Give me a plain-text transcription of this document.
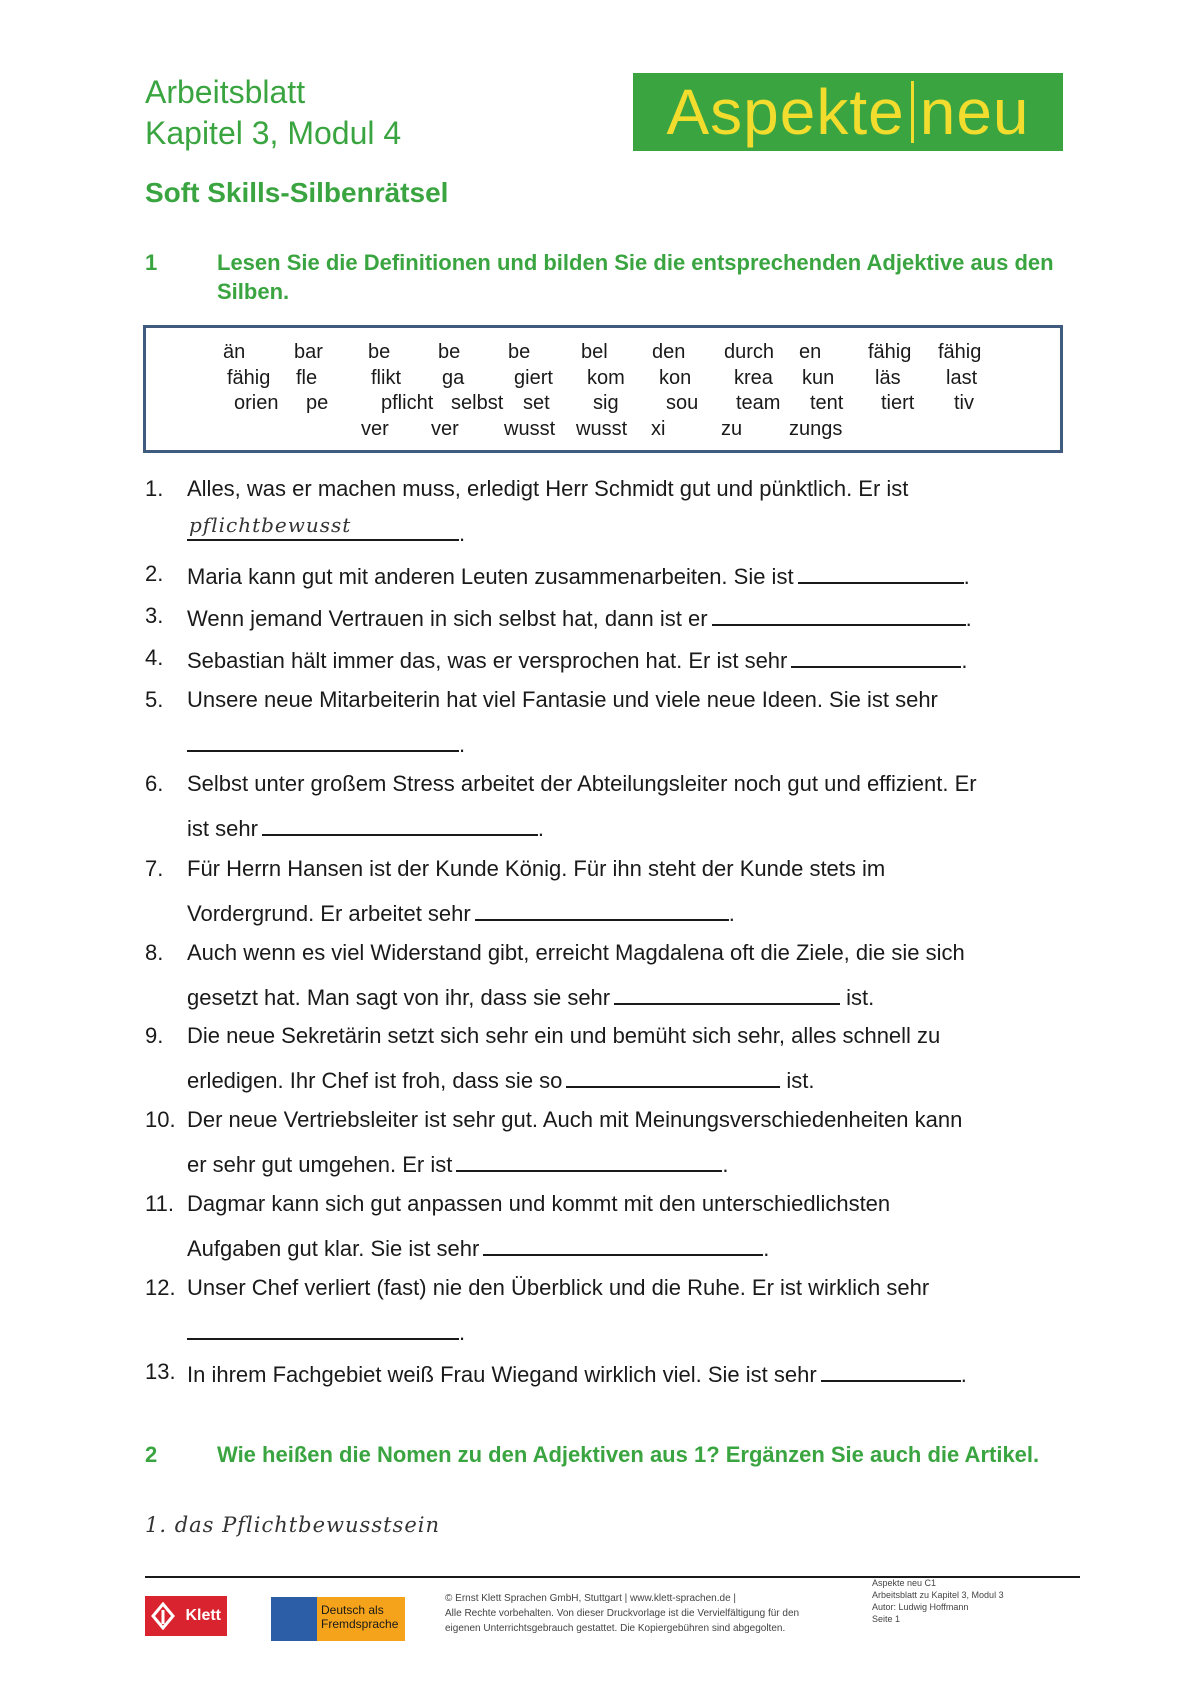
Arbeitsblatt
Kapitel 3, Modul 4	Aspekte neu
Soft Skills-Silbenrätsel
1	Lesen Sie die Definitionen und bilden Sie die entsprechenden Adjektive aus den Silben.
än bar be be be	bel den durch en fähig fähig
fähig fle	flikt ga giert kom kon krea kun läs last
orien pe	pflicht selbst set sig sou team tent tiert tiv
ver ver wusst wusst xi	zu zungs
1. Alles, was er machen muss, erledigt Herr Schmidt gut und pünktlich. Er ist
pflichtbewusst	.
2. Maria kann gut mit anderen Leuten zusammenarbeiten. Sie ist	.
3. Wenn jemand Vertrauen in sich selbst hat, dann ist er	.
4. Sebastian hält immer das, was er versprochen hat. Er ist sehr	.
5. Unsere neue Mitarbeiterin hat viel Fantasie und viele neue Ideen. Sie ist sehr
.
6. Selbst unter großem Stress arbeitet der Abteilungsleiter noch gut und effizient. Er
ist sehr	.
7. Für Herrn Hansen ist der Kunde König. Für ihn steht der Kunde stets im
Vordergrund. Er arbeitet sehr	.
8. Auch wenn es viel Widerstand gibt, erreicht Magdalena oft die Ziele, die sie sich
gesetzt hat. Man sagt von ihr, dass sie sehr	ist.
9. Die neue Sekretärin setzt sich sehr ein und bemüht sich sehr, alles schnell zu
erledigen. Ihr Chef ist froh, dass sie so	ist.
10. Der neue Vertriebsleiter ist sehr gut. Auch mit Meinungsverschiedenheiten kann
er sehr gut umgehen. Er ist	.
11. Dagmar kann sich gut anpassen und kommt mit den unterschiedlichsten
Aufgaben gut klar. Sie ist sehr	.
12. Unser Chef verliert (fast) nie den Überblick und die Ruhe. Er ist wirklich sehr
.
13. In ihrem Fachgebiet weiß Frau Wiegand wirklich viel. Sie ist sehr	.
2	Wie heißen die Nomen zu den Adjektiven aus 1? Ergänzen Sie auch die Artikel.
1. das Pflichtbewusstsein
Klett	Deutsch als Fremdsprache
© Ernst Klett Sprachen GmbH, Stuttgart | www.klett-sprachen.de |
Alle Rechte vorbehalten. Von dieser Druckvorlage ist die Vervielfältigung für den
eigenen Unterrichtsgebrauch gestattet. Die Kopiergebühren sind abgegolten.
Aspekte neu C1
Arbeitsblatt zu Kapitel 3, Modul 3
Autor: Ludwig Hoffmann
Seite 1
